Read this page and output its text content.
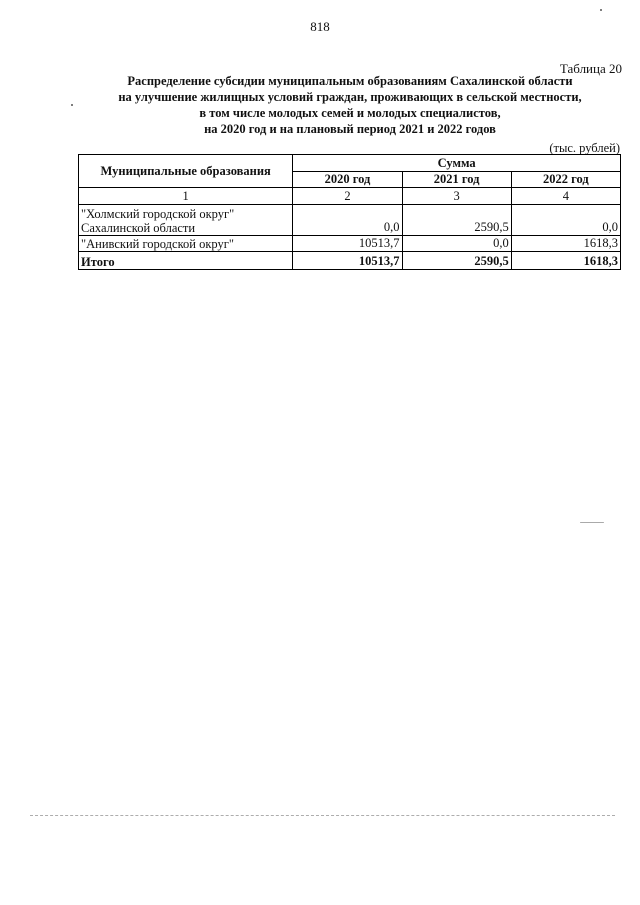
818
Таблица 20
Распределение субсидии муниципальным образованиям Сахалинской области
на улучшение жилищных условий граждан, проживающих в сельской местности,
в том числе молодых семей и молодых специалистов,
на 2020 год и на плановый период 2021 и 2022 годов
(тыс. рублей)
Муниципальные образования	Сумма		
	2020 год	2021 год	2022 год
1	2	3	4
"Холмский городской округ"
Сахалинской области	0,0	2590,5	0,0
"Анивский городской округ"	10513,7	0,0	1618,3
Итого	10513,7	2590,5	1618,3
